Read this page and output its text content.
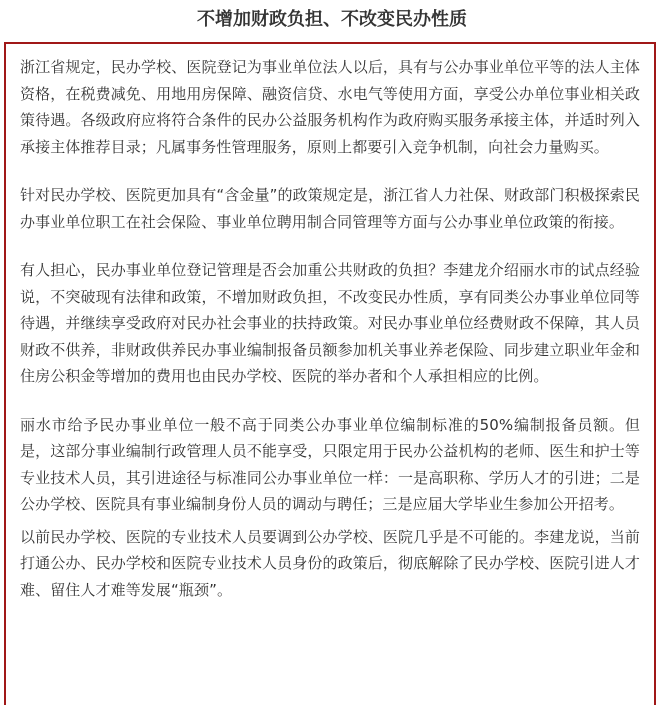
不增加财政负担、不改变民办性质

浙江省规定，民办学校、医院登记为事业单位法人以后，具有与公办事业单位平等的法人主体资格，在税费减免、用地用房保障、融资信贷、水电气等使用方面，享受公办单位事业相关政策待遇。各级政府应将符合条件的民办公益服务机构作为政府购买服务承接主体，并适时列入承接主体推荐目录；凡属事务性管理服务，原则上都要引入竞争机制，向社会力量购买。

针对民办学校、医院更加具有“含金量”的政策规定是，浙江省人力社保、财政部门积极探索民办事业单位职工在社会保险、事业单位聘用制合同管理等方面与公办事业单位政策的衔接。

有人担心，民办事业单位登记管理是否会加重公共财政的负担？李建龙介绍丽水市的试点经验说，不突破现有法律和政策，不增加财政负担，不改变民办性质，享有同类公办事业单位同等待遇，并继续享受政府对民办社会事业的扶持政策。对民办事业单位经费财政不保障，其人员财政不供养，非财政供养民办事业编制报备员额参加机关事业养老保险、同步建立职业年金和住房公积金等增加的费用也由民办学校、医院的举办者和个人承担相应的比例。

丽水市给予民办事业单位一般不高于同类公办事业单位编制标准的50%编制报备员额。但是，这部分事业编制行政管理人员不能享受，只限定用于民办公益机构的老师、医生和护士等专业技术人员，其引进途径与标准同公办事业单位一样：一是高职称、学历人才的引进；二是公办学校、医院具有事业编制身份人员的调动与聘任；三是应届大学毕业生参加公开招考。

以前民办学校、医院的专业技术人员要调到公办学校、医院几乎是不可能的。李建龙说，当前打通公办、民办学校和医院专业技术人员身份的政策后，彻底解除了民办学校、医院引进人才难、留住人才难等发展“瓶颈”。
